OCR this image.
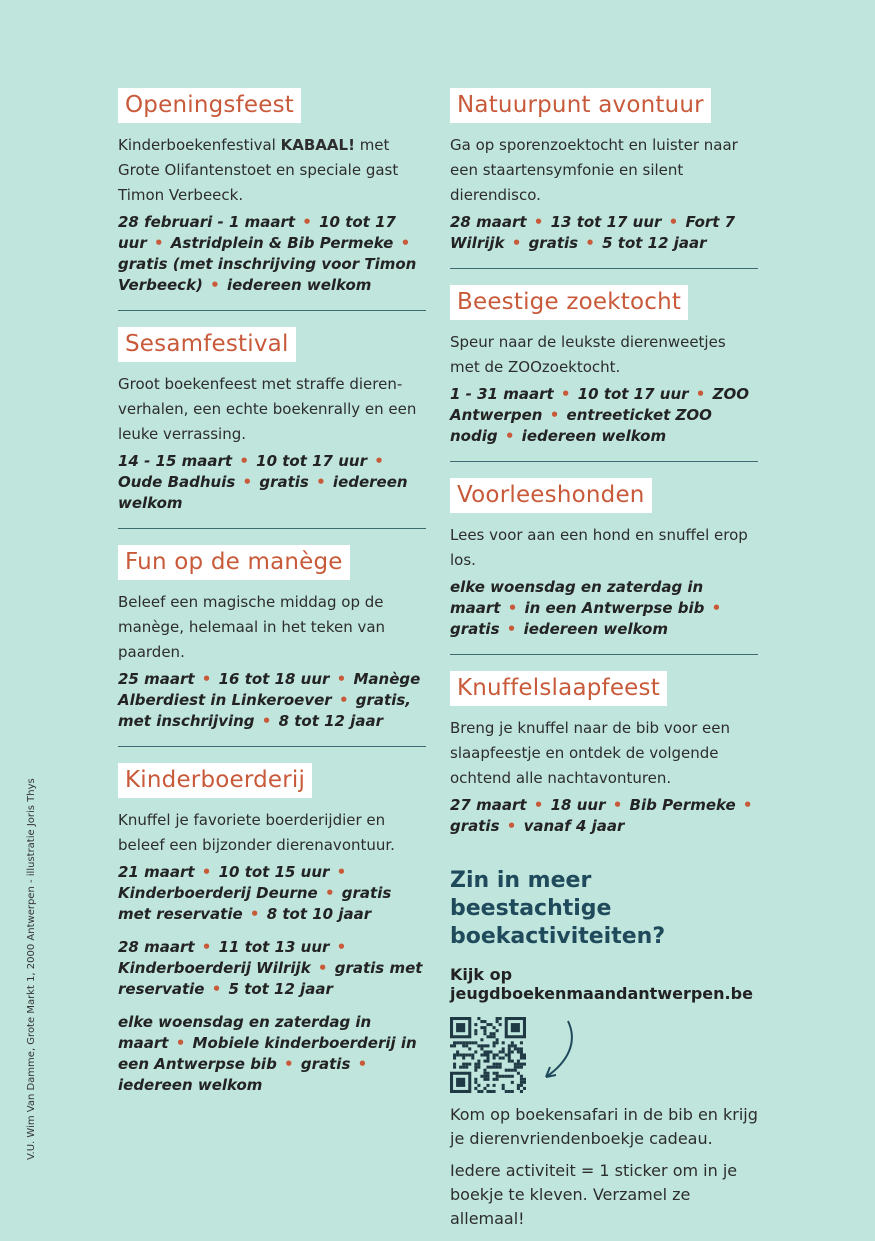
Openingsfeest

Kinderboekenfestival KABAAL! met Grote Olifantenstoet en speciale gast Timon Verbeeck.

28 februari - 1 maart • 10 tot 17 uur • Astridplein & Bib Permeke • gratis (met inschrijving voor Timon Verbeeck) • iedereen welkom

Sesamfestival

Groot boekenfeest met straffe dieren-verhalen, een echte boekenrally en een leuke verrassing.

14 - 15 maart • 10 tot 17 uur • Oude Badhuis • gratis • iedereen welkom

Fun op de manège

Beleef een magische middag op de manège, helemaal in het teken van paarden.

25 maart • 16 tot 18 uur • Manège Alberdiest in Linkeroever • gratis, met inschrijving • 8 tot 12 jaar

Kinderboerderij

Knuffel je favoriete boerderijdier en beleef een bijzonder dierenavontuur.

21 maart • 10 tot 15 uur • Kinderboerderij Deurne • gratis met reservatie • 8 tot 10 jaar

28 maart • 11 tot 13 uur • Kinderboerderij Wilrijk • gratis met reservatie • 5 tot 12 jaar

elke woensdag en zaterdag in maart • Mobiele kinderboerderij in een Antwerpse bib • gratis • iedereen welkom

Natuurpunt avontuur

Ga op sporenzoektocht en luister naar een staartensymfonie en silent dierendisco.

28 maart • 13 tot 17 uur • Fort 7 Wilrijk • gratis • 5 tot 12 jaar

Beestige zoektocht

Speur naar de leukste dierenweetjes met de ZOOzoektocht.

1 - 31 maart • 10 tot 17 uur • ZOO Antwerpen • entreeticket ZOO nodig • iedereen welkom

Voorleeshonden

Lees voor aan een hond en snuffel erop los.

elke woensdag en zaterdag in maart • in een Antwerpse bib • gratis • iedereen welkom

Knuffelslaapfeest

Breng je knuffel naar de bib voor een slaapfeestje en ontdek de volgende ochtend alle nachtavonturen.

27 maart • 18 uur • Bib Permeke • gratis • vanaf 4 jaar

Zin in meer beestachtige boekactiviteiten?

Kijk op jeugdboekenmaandantwerpen.be

Kom op boekensafari in de bib en krijg je dierenvriendenboekje cadeau.

Iedere activiteit = 1 sticker om in je boekje te kleven. Verzamel ze allemaal!

V.U. Wim Van Damme, Grote Markt 1, 2000 Antwerpen - illustratie Joris Thys
